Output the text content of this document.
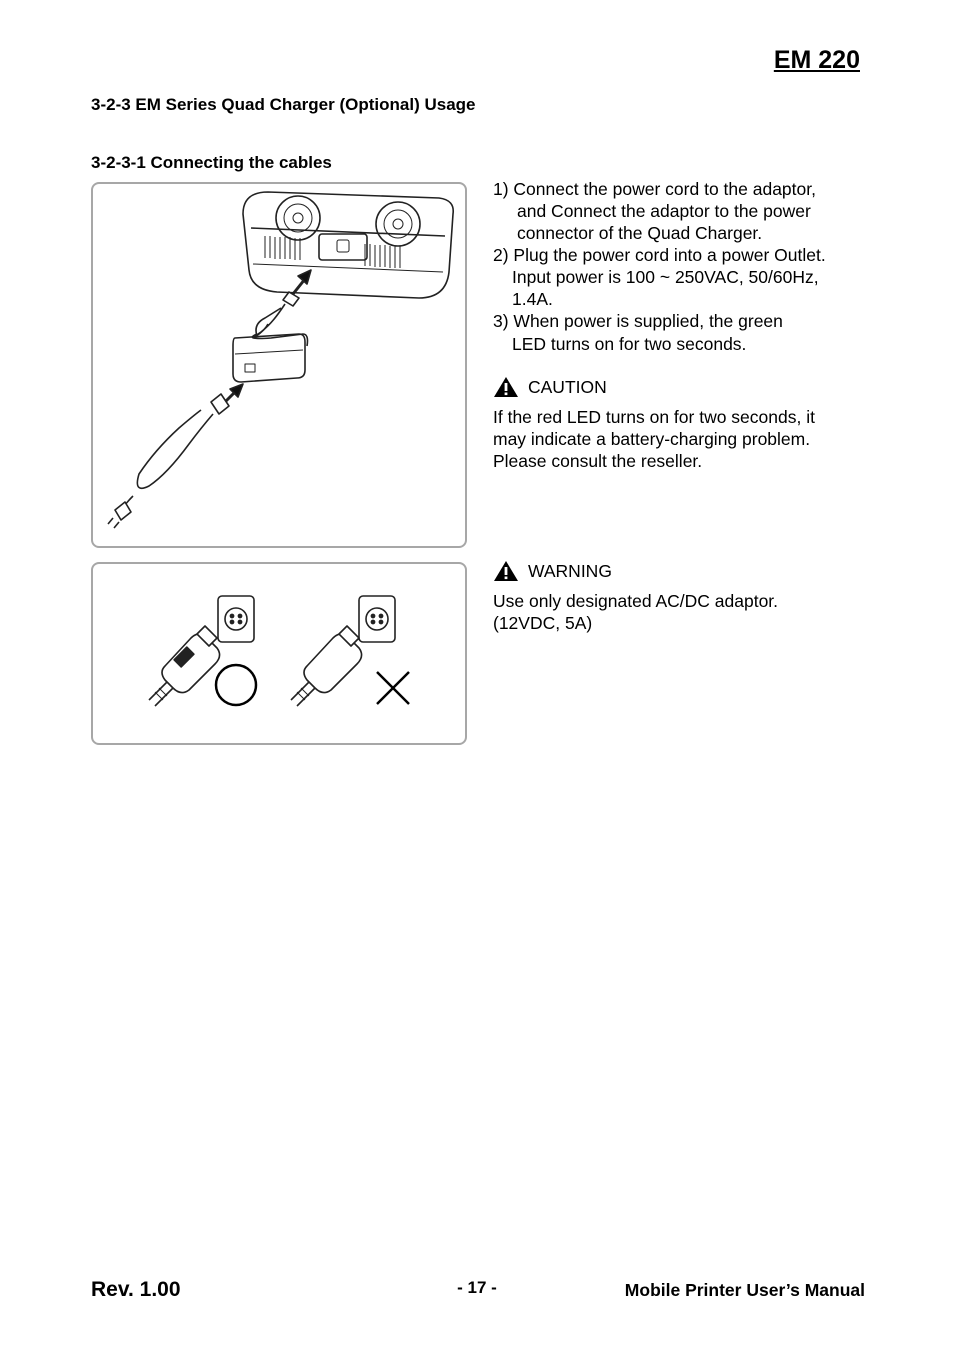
EM 220
3-2-3 EM Series Quad Charger (Optional) Usage
3-2-3-1 Connecting the cables
1) Connect the power cord to the adaptor,
and Connect the adaptor to the power
connector of the Quad Charger.
2) Plug the power cord into a power Outlet.
Input power is 100 ~ 250VAC, 50/60Hz,
1.4A.
3) When power is supplied, the green
LED turns on for two seconds.
CAUTION
If the red LED turns on for two seconds, it
may indicate a battery-charging problem.
Please consult the reseller.
WARNING
Use only designated AC/DC adaptor.
(12VDC, 5A)
Rev. 1.00	- 17 -	Mobile Printer User’s Manual
